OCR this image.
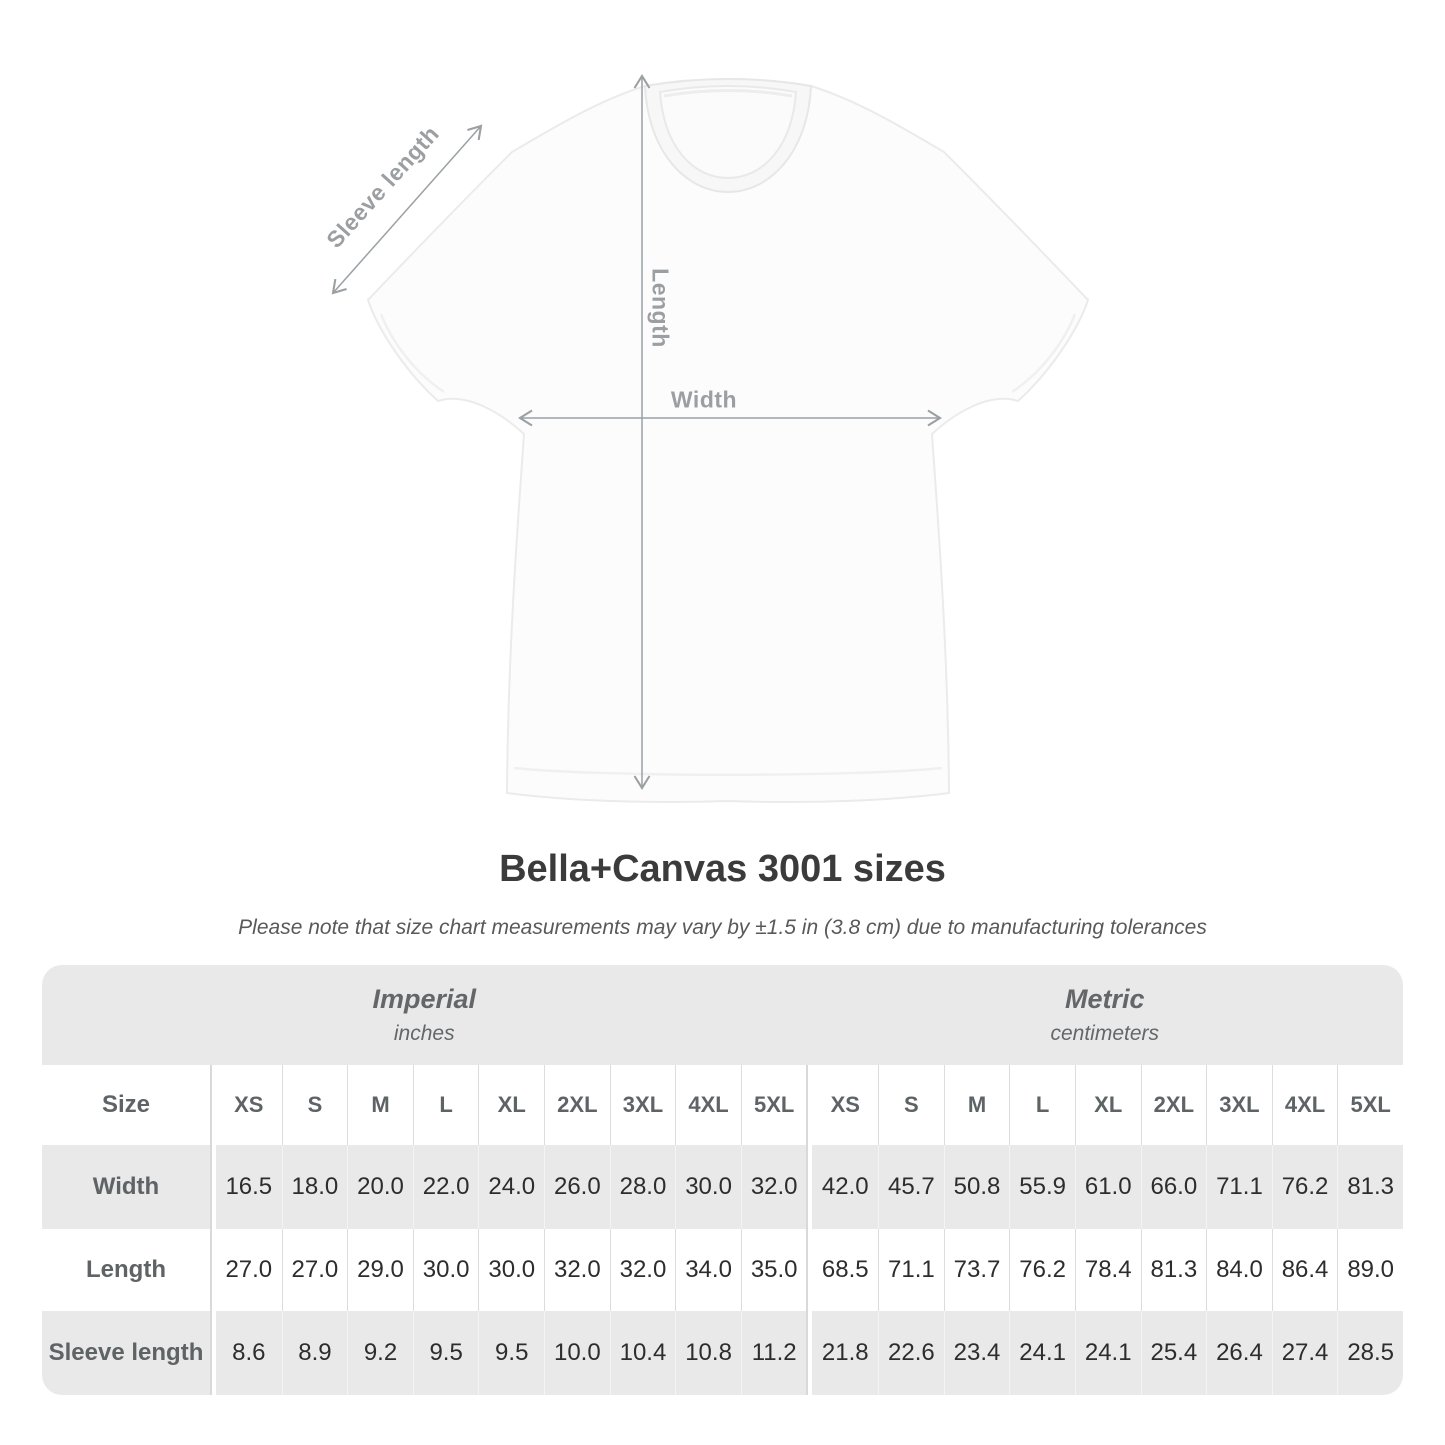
Sleeve length
Length
Width
Bella+Canvas 3001 sizes
Please note that size chart measurements may vary by ±1.5 in (3.8 cm) due to manufacturing tolerances
Imperial
inches

Metric
centimeters

Size		XS	S	M	L	XL	2XL	3XL	4XL	5XL		XS	S	M	L	XL	2XL	3XL	4XL	5XL
Width		16.5	18.0	20.0	22.0	24.0	26.0	28.0	30.0	32.0		42.0	45.7	50.8	55.9	61.0	66.0	71.1	76.2	81.3
Length		27.0	27.0	29.0	30.0	30.0	32.0	32.0	34.0	35.0		68.5	71.1	73.7	76.2	78.4	81.3	84.0	86.4	89.0
Sleeve length		8.6	8.9	9.2	9.5	9.5	10.0	10.4	10.8	11.2		21.8	22.6	23.4	24.1	24.1	25.4	26.4	27.4	28.5
